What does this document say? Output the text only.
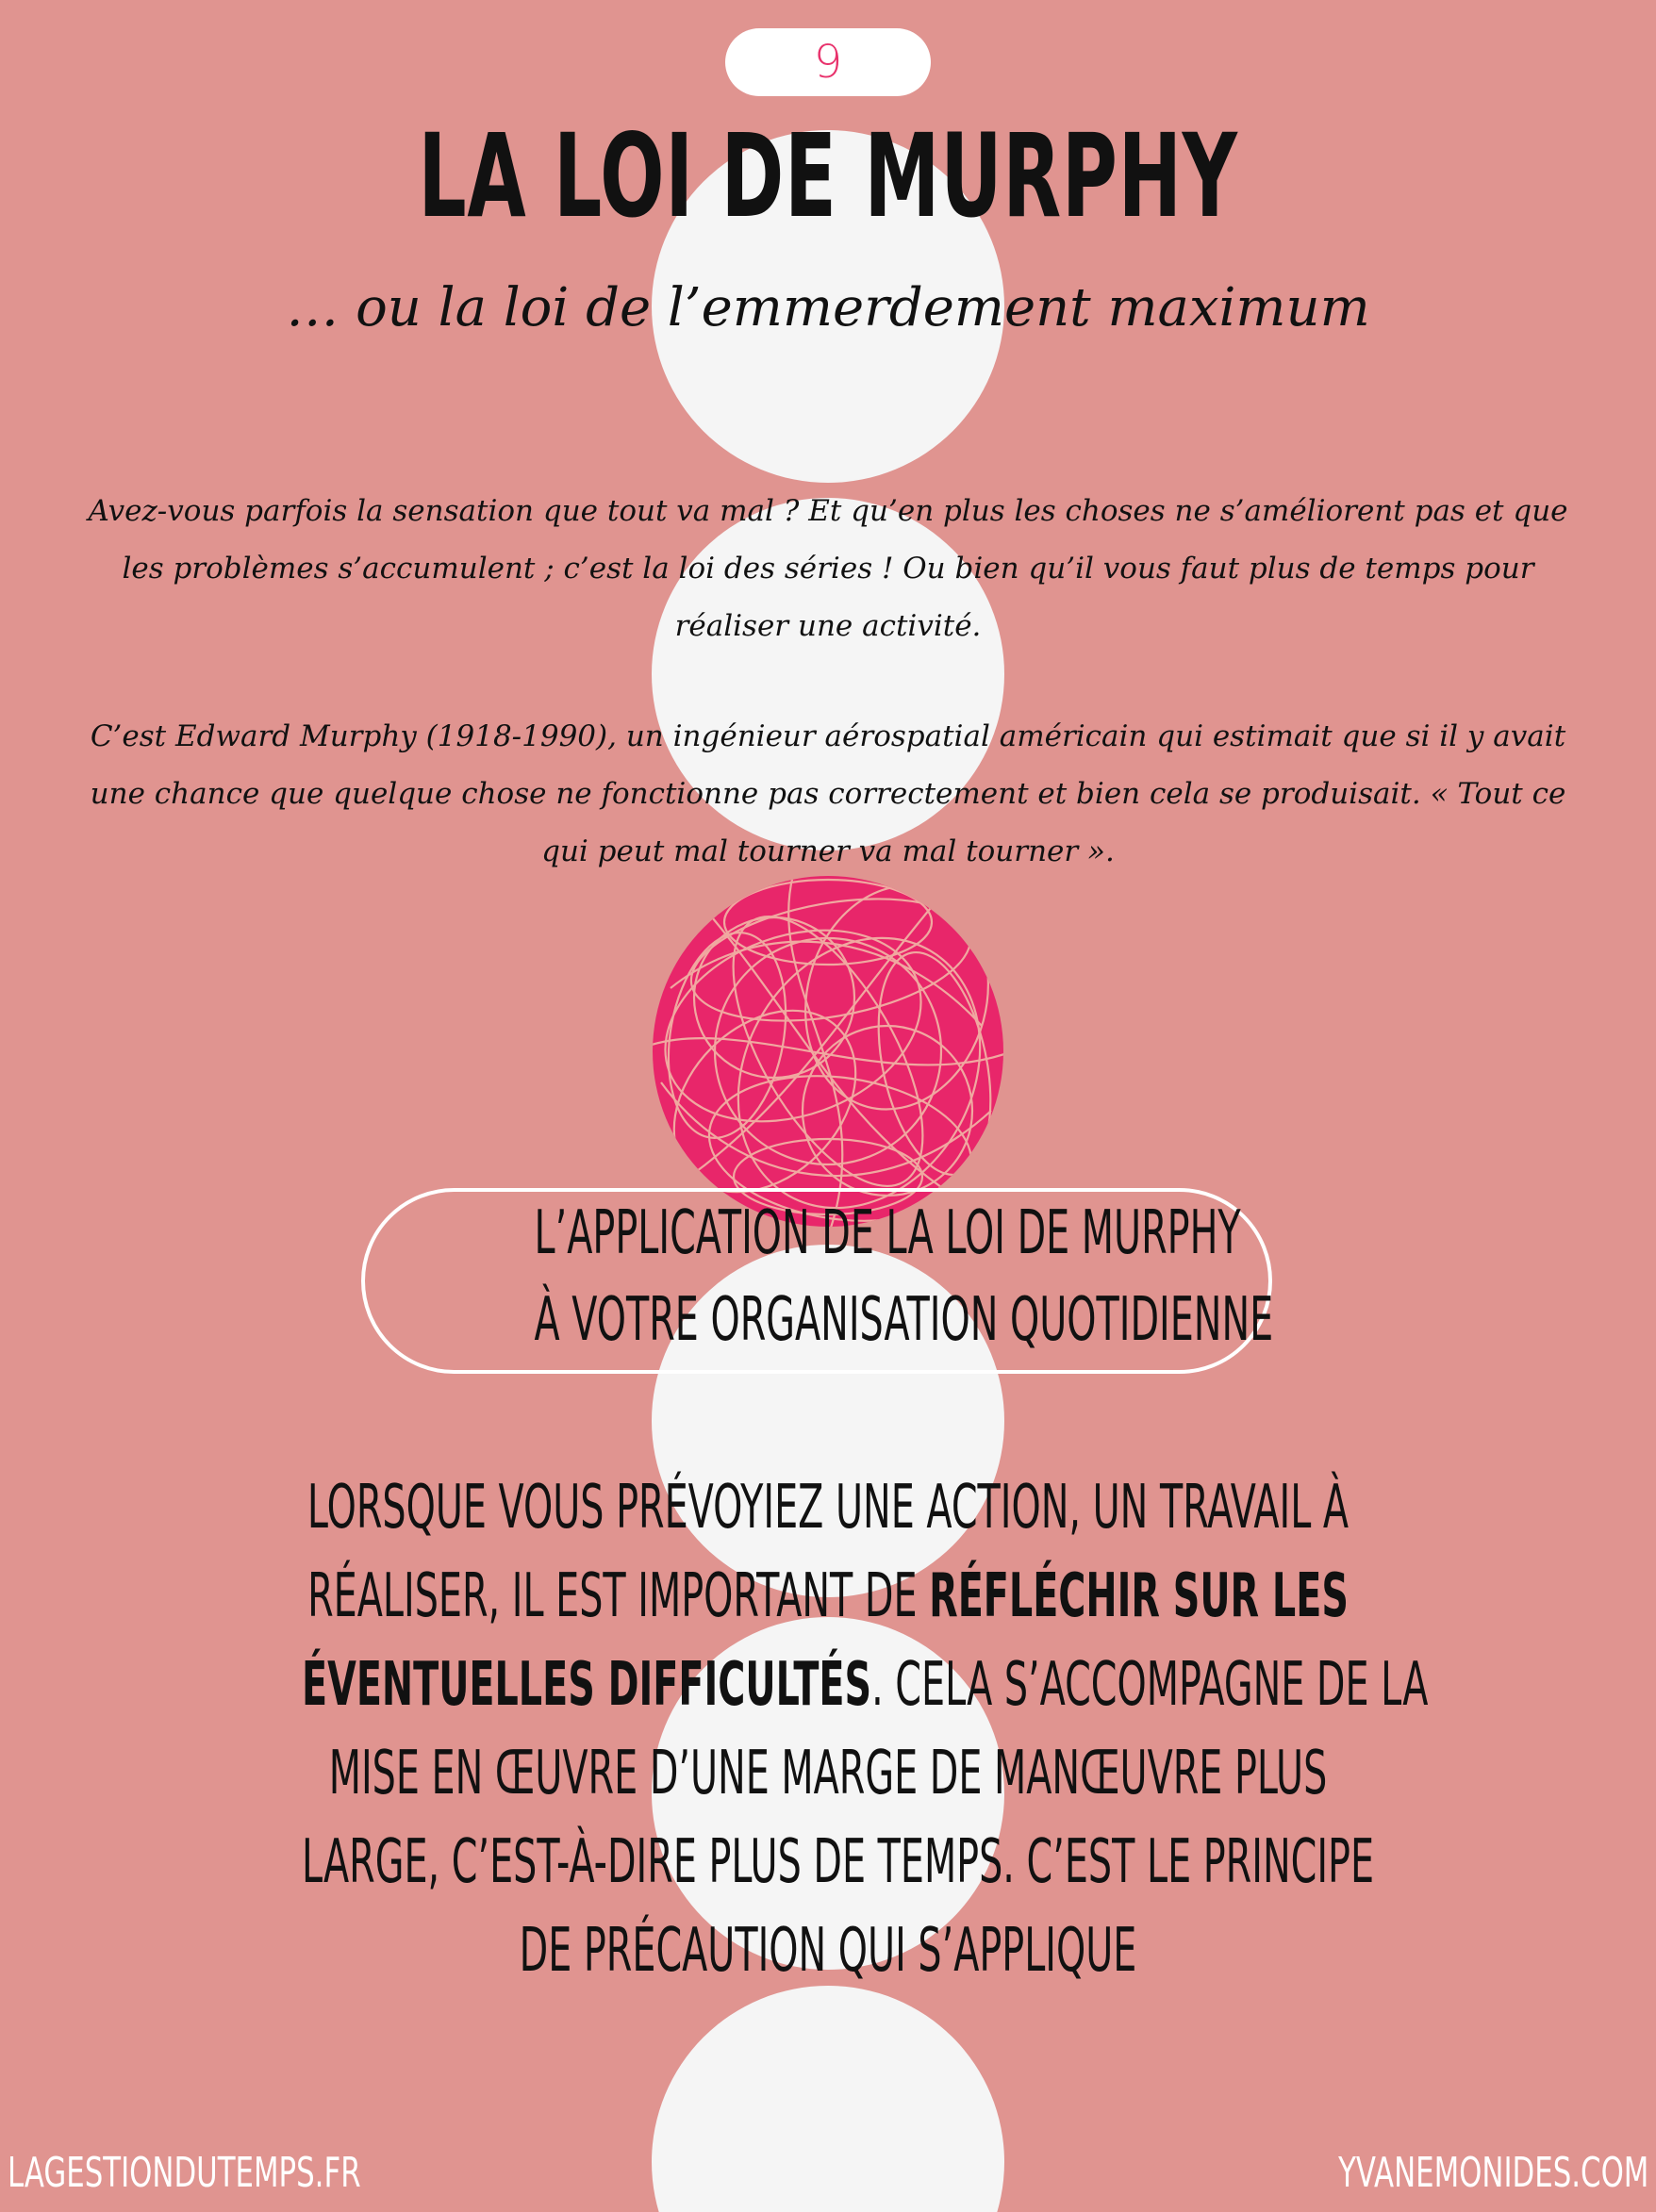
9
LA LOI DE MURPHY
… ou la loi de l’emmerdement maximum

Avez-vous parfois la sensation que tout va mal ? Et qu’en plus les choses ne s’améliorent pas et que les problèmes s’accumulent ; c’est la loi des séries ! Ou bien qu’il vous faut plus de temps pour réaliser une activité.

C’est Edward Murphy (1918-1990), un ingénieur aérospatial américain qui estimait que si il y avait une chance que quelque chose ne fonctionne pas correctement et bien cela se produisait. « Tout ce qui peut mal tourner va mal tourner ».

L’APPLICATION DE LA LOI DE MURPHY
À VOTRE ORGANISATION QUOTIDIENNE
LORSQUE VOUS PRÉVOYIEZ UNE ACTION, UN TRAVAIL À
RÉALISER, IL EST IMPORTANT DE RÉFLÉCHIR SUR LES
ÉVENTUELLES DIFFICULTÉS. CELA S’ACCOMPAGNE DE LA
MISE EN ŒUVRE D’UNE MARGE DE MANŒUVRE PLUS
LARGE, C’EST-À-DIRE PLUS DE TEMPS. C’EST LE PRINCIPE
DE PRÉCAUTION QUI S’APPLIQUE
LAGESTIONDUTEMPS.FR	YVANEMONIDES.COM
